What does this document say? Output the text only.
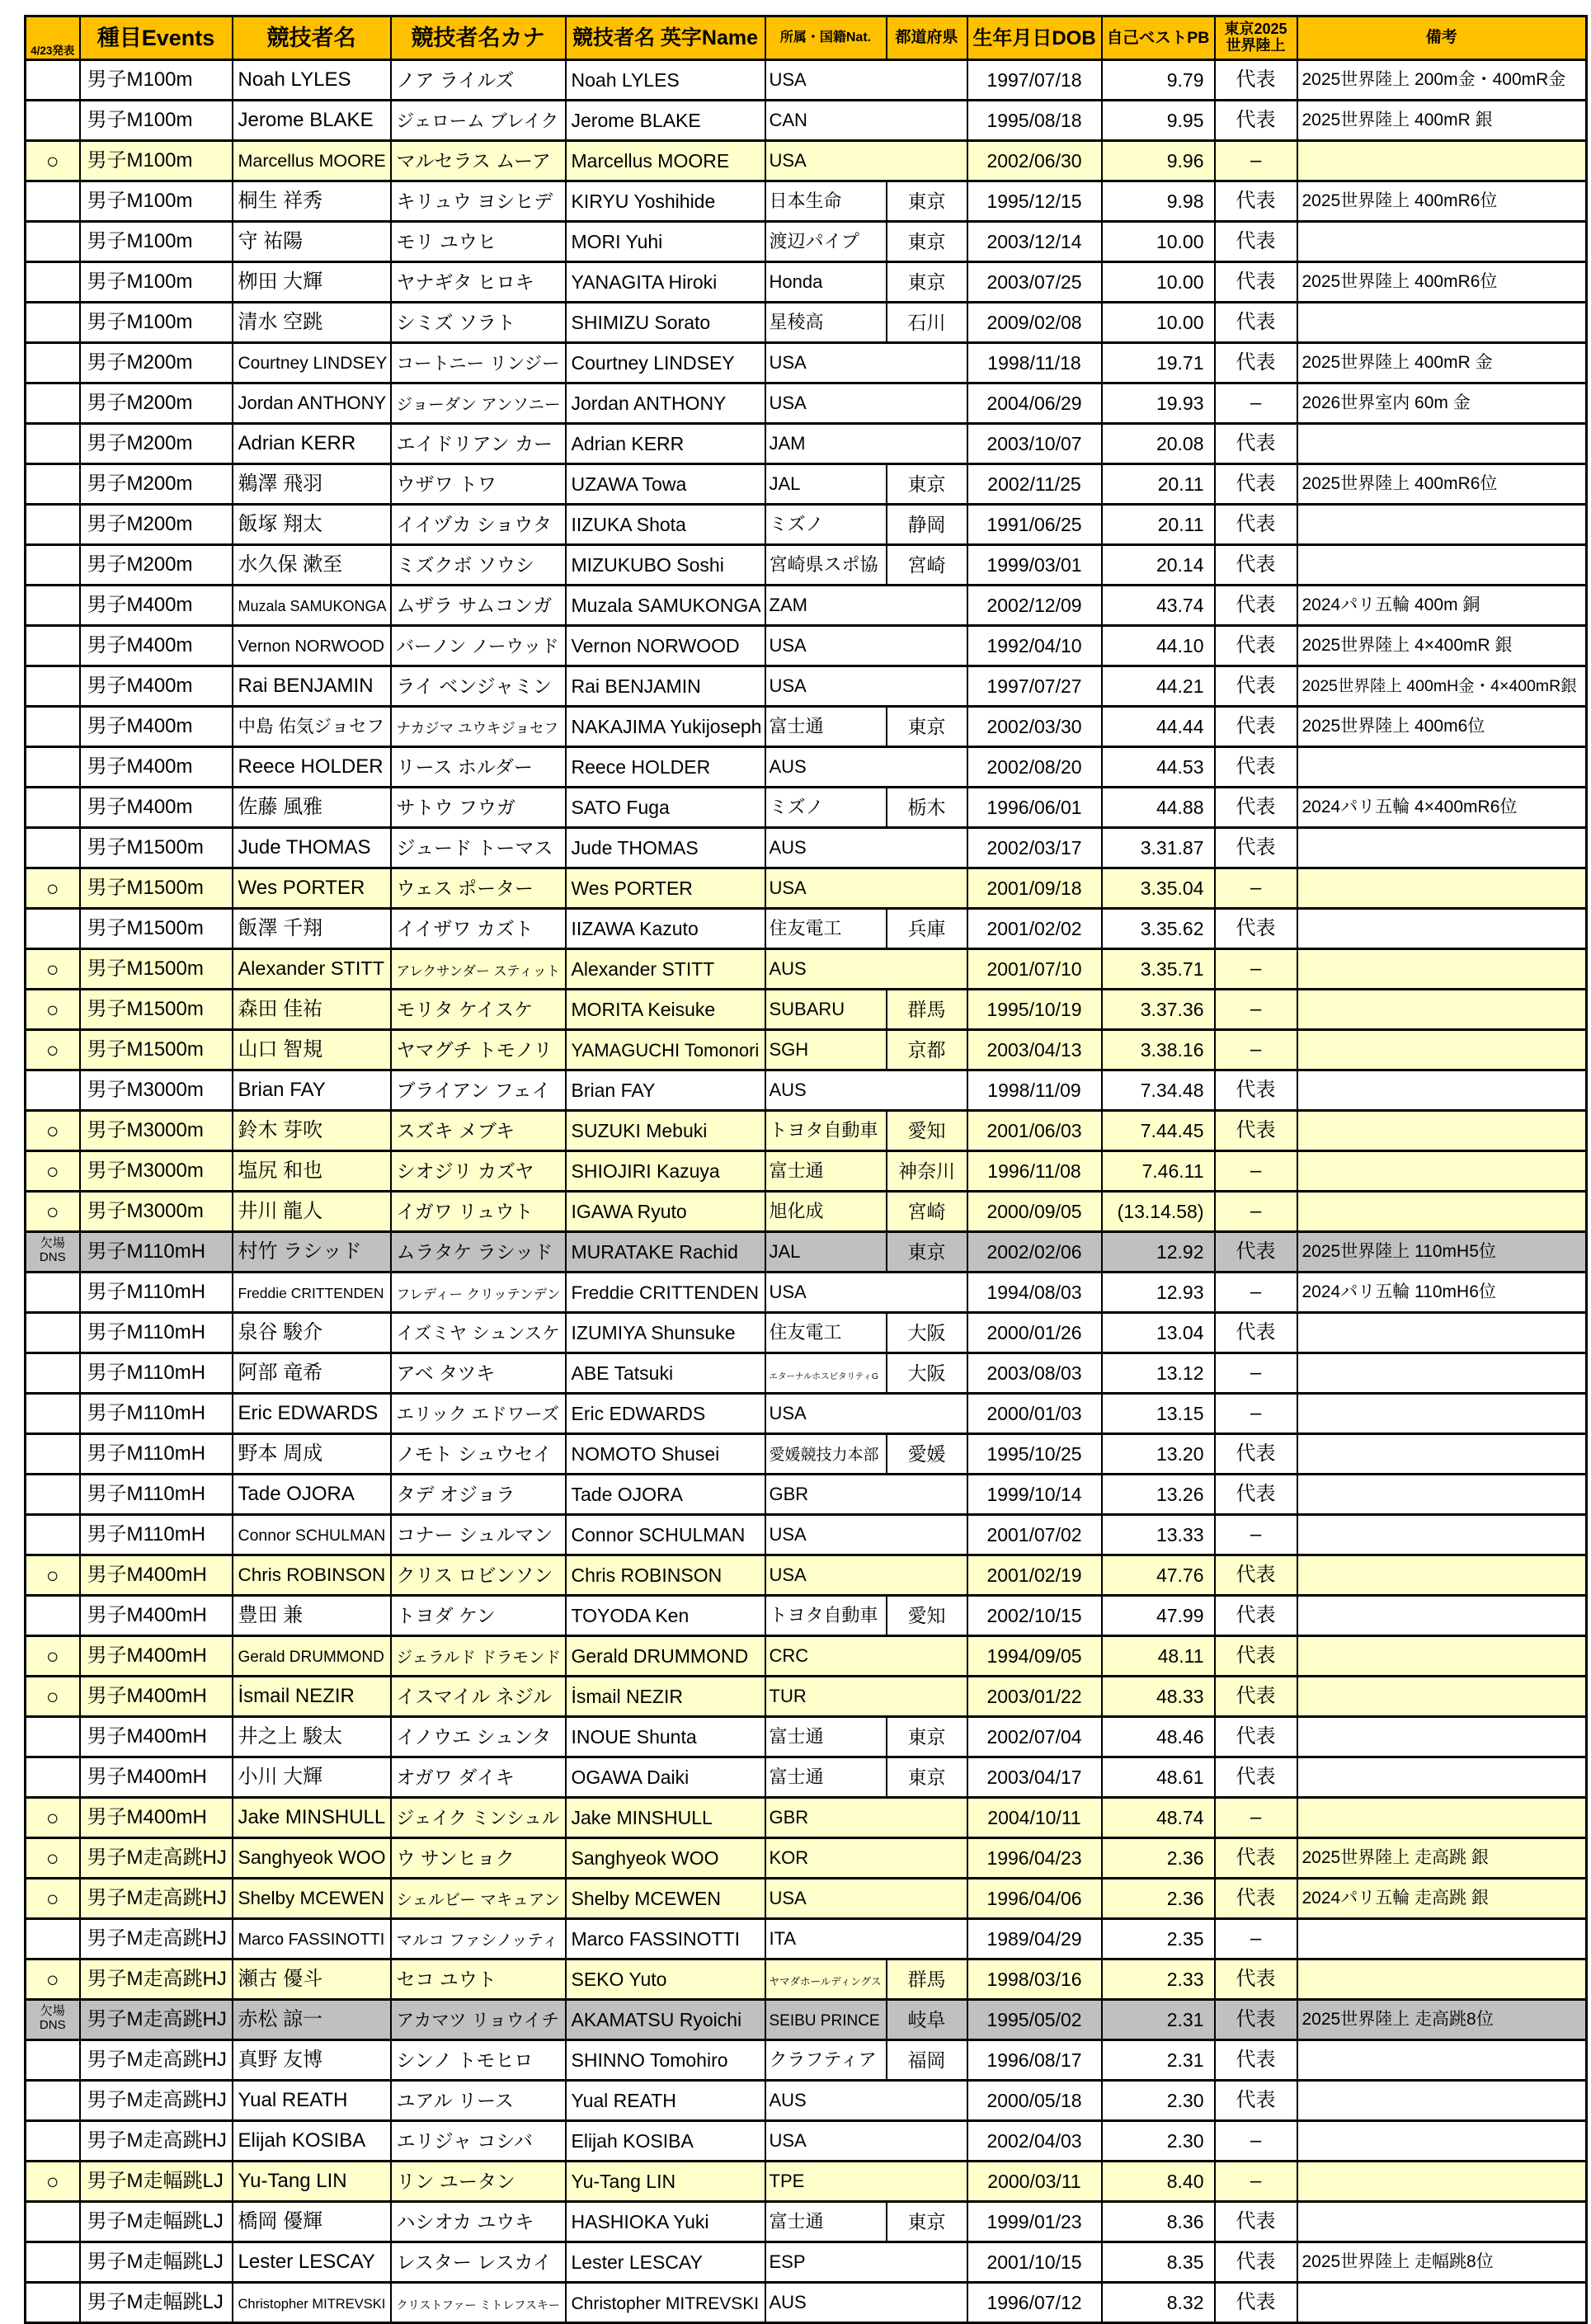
4/23発表	種目Events	競技者名	競技者名カナ	競技者名 英字Name	所属・国籍Nat.	都道府県	生年月日DOB	自己ベストPB	東京2025
世界陸上	備考
	男子M100m	Noah LYLES	ノア ライルズ	Noah LYLES	USA		1997/07/18	9.79	代表	2025世界陸上 200m金・400mR金
	男子M100m	Jerome BLAKE	ジェローム ブレイク	Jerome BLAKE	CAN		1995/08/18	9.95	代表	2025世界陸上 400mR 銀
○	男子M100m	Marcellus MOORE	マルセラス ムーア	Marcellus MOORE	USA		2002/06/30	9.96	–	
	男子M100m	桐生 祥秀	キリュウ ヨシヒデ	KIRYU Yoshihide	日本生命	東京	1995/12/15	9.98	代表	2025世界陸上 400mR6位
	男子M100m	守 祐陽	モリ ユウヒ	MORI Yuhi	渡辺パイプ	東京	2003/12/14	10.00	代表	
	男子M100m	栁田 大輝	ヤナギタ ヒロキ	YANAGITA Hiroki	Honda	東京	2003/07/25	10.00	代表	2025世界陸上 400mR6位
	男子M100m	清水 空跳	シミズ ソラト	SHIMIZU Sorato	星稜高	石川	2009/02/08	10.00	代表	
	男子M200m	Courtney LINDSEY	コートニー リンジー	Courtney LINDSEY	USA		1998/11/18	19.71	代表	2025世界陸上 400mR 金
	男子M200m	Jordan ANTHONY	ジョーダン アンソニー	Jordan ANTHONY	USA		2004/06/29	19.93	–	2026世界室内 60m 金
	男子M200m	Adrian KERR	エイドリアン カー	Adrian KERR	JAM		2003/10/07	20.08	代表	
	男子M200m	鵜澤 飛羽	ウザワ トワ	UZAWA Towa	JAL	東京	2002/11/25	20.11	代表	2025世界陸上 400mR6位
	男子M200m	飯塚 翔太	イイヅカ ショウタ	IIZUKA Shota	ミズノ	静岡	1991/06/25	20.11	代表	
	男子M200m	水久保 漱至	ミズクボ ソウシ	MIZUKUBO Soshi	宮崎県スポ協	宮崎	1999/03/01	20.14	代表	
	男子M400m	Muzala SAMUKONGA	ムザラ サムコンガ	Muzala SAMUKONGA	ZAM		2002/12/09	43.74	代表	2024パリ五輪 400m 銅
	男子M400m	Vernon NORWOOD	バーノン ノーウッド	Vernon NORWOOD	USA		1992/04/10	44.10	代表	2025世界陸上 4×400mR 銀
	男子M400m	Rai BENJAMIN	ライ ベンジャミン	Rai BENJAMIN	USA		1997/07/27	44.21	代表	2025世界陸上 400mH金・4×400mR銀
	男子M400m	中島 佑気ジョセフ	ナカジマ ユウキジョセフ	NAKAJIMA Yukijoseph	富士通	東京	2002/03/30	44.44	代表	2025世界陸上 400m6位
	男子M400m	Reece HOLDER	リース ホルダー	Reece HOLDER	AUS		2002/08/20	44.53	代表	
	男子M400m	佐藤 風雅	サトウ フウガ	SATO Fuga	ミズノ	栃木	1996/06/01	44.88	代表	2024パリ五輪 4×400mR6位
	男子M1500m	Jude THOMAS	ジュード トーマス	Jude THOMAS	AUS		2002/03/17	3.31.87	代表	
○	男子M1500m	Wes PORTER	ウェス ポーター	Wes PORTER	USA		2001/09/18	3.35.04	–	
	男子M1500m	飯澤 千翔	イイザワ カズト	IIZAWA Kazuto	住友電工	兵庫	2001/02/02	3.35.62	代表	
○	男子M1500m	Alexander STITT	アレクサンダー スティット	Alexander STITT	AUS		2001/07/10	3.35.71	–	
○	男子M1500m	森田 佳祐	モリタ ケイスケ	MORITA Keisuke	SUBARU	群馬	1995/10/19	3.37.36	–	
○	男子M1500m	山口 智規	ヤマグチ トモノリ	YAMAGUCHI Tomonori	SGH	京都	2003/04/13	3.38.16	–	
	男子M3000m	Brian FAY	ブライアン フェイ	Brian FAY	AUS		1998/11/09	7.34.48	代表	
○	男子M3000m	鈴木 芽吹	スズキ メブキ	SUZUKI Mebuki	トヨタ自動車	愛知	2001/06/03	7.44.45	代表	
○	男子M3000m	塩尻 和也	シオジリ カズヤ	SHIOJIRI Kazuya	富士通	神奈川	1996/11/08	7.46.11	–	
○	男子M3000m	井川 龍人	イガワ リュウト	IGAWA Ryuto	旭化成	宮崎	2000/09/05	(13.14.58)	–	
欠場
DNS	男子M110mH	村竹 ラシッド	ムラタケ ラシッド	MURATAKE Rachid	JAL	東京	2002/02/06	12.92	代表	2025世界陸上 110mH5位
	男子M110mH	Freddie CRITTENDEN	フレディー クリッテンデン	Freddie CRITTENDEN	USA		1994/08/03	12.93	–	2024パリ五輪 110mH6位
	男子M110mH	泉谷 駿介	イズミヤ シュンスケ	IZUMIYA Shunsuke	住友電工	大阪	2000/01/26	13.04	代表	
	男子M110mH	阿部 竜希	アベ タツキ	ABE Tatsuki	エターナルホスピタリティG	大阪	2003/08/03	13.12	–	
	男子M110mH	Eric EDWARDS	エリック エドワーズ	Eric EDWARDS	USA		2000/01/03	13.15	–	
	男子M110mH	野本 周成	ノモト シュウセイ	NOMOTO Shusei	愛媛競技力本部	愛媛	1995/10/25	13.20	代表	
	男子M110mH	Tade OJORA	タデ オジョラ	Tade OJORA	GBR		1999/10/14	13.26	代表	
	男子M110mH	Connor SCHULMAN	コナー シュルマン	Connor SCHULMAN	USA		2001/07/02	13.33	–	
○	男子M400mH	Chris ROBINSON	クリス ロビンソン	Chris ROBINSON	USA		2001/02/19	47.76	代表	
	男子M400mH	豊田 兼	トヨダ ケン	TOYODA Ken	トヨタ自動車	愛知	2002/10/15	47.99	代表	
○	男子M400mH	Gerald DRUMMOND	ジェラルド ドラモンド	Gerald DRUMMOND	CRC		1994/09/05	48.11	代表	
○	男子M400mH	İsmail NEZIR	イスマイル ネジル	İsmail NEZIR	TUR		2003/01/22	48.33	代表	
	男子M400mH	井之上 駿太	イノウエ シュンタ	INOUE Shunta	富士通	東京	2002/07/04	48.46	代表	
	男子M400mH	小川 大輝	オガワ ダイキ	OGAWA Daiki	富士通	東京	2003/04/17	48.61	代表	
○	男子M400mH	Jake MINSHULL	ジェイク ミンシュル	Jake MINSHULL	GBR		2004/10/11	48.74	–	
○	男子M走高跳HJ	Sanghyeok WOO	ウ サンヒョク	Sanghyeok WOO	KOR		1996/04/23	2.36	代表	2025世界陸上 走高跳 銀
○	男子M走高跳HJ	Shelby MCEWEN	シェルビー マキュアン	Shelby MCEWEN	USA		1996/04/06	2.36	代表	2024パリ五輪 走高跳 銀
	男子M走高跳HJ	Marco FASSINOTTI	マルコ ファシノッティ	Marco FASSINOTTI	ITA		1989/04/29	2.35	–	
○	男子M走高跳HJ	瀬古 優斗	セコ ユウト	SEKO Yuto	ヤマダホールディングス	群馬	1998/03/16	2.33	代表	
欠場
DNS	男子M走高跳HJ	赤松 諒一	アカマツ リョウイチ	AKAMATSU Ryoichi	SEIBU PRINCE	岐阜	1995/05/02	2.31	代表	2025世界陸上 走高跳8位
	男子M走高跳HJ	真野 友博	シンノ トモヒロ	SHINNO Tomohiro	クラフティア	福岡	1996/08/17	2.31	代表	
	男子M走高跳HJ	Yual REATH	ユアル リース	Yual REATH	AUS		2000/05/18	2.30	代表	
	男子M走高跳HJ	Elijah KOSIBA	エリジャ コシバ	Elijah KOSIBA	USA		2002/04/03	2.30	–	
○	男子M走幅跳LJ	Yu-Tang LIN	リン ユータン	Yu-Tang LIN	TPE		2000/03/11	8.40	–	
	男子M走幅跳LJ	橋岡 優輝	ハシオカ ユウキ	HASHIOKA Yuki	富士通	東京	1999/01/23	8.36	代表	
	男子M走幅跳LJ	Lester LESCAY	レスター レスカイ	Lester LESCAY	ESP		2001/10/15	8.35	代表	2025世界陸上 走幅跳8位
	男子M走幅跳LJ	Christopher MITREVSKI	クリストファー ミトレフスキー	Christopher MITREVSKI	AUS		1996/07/12	8.32	代表	
